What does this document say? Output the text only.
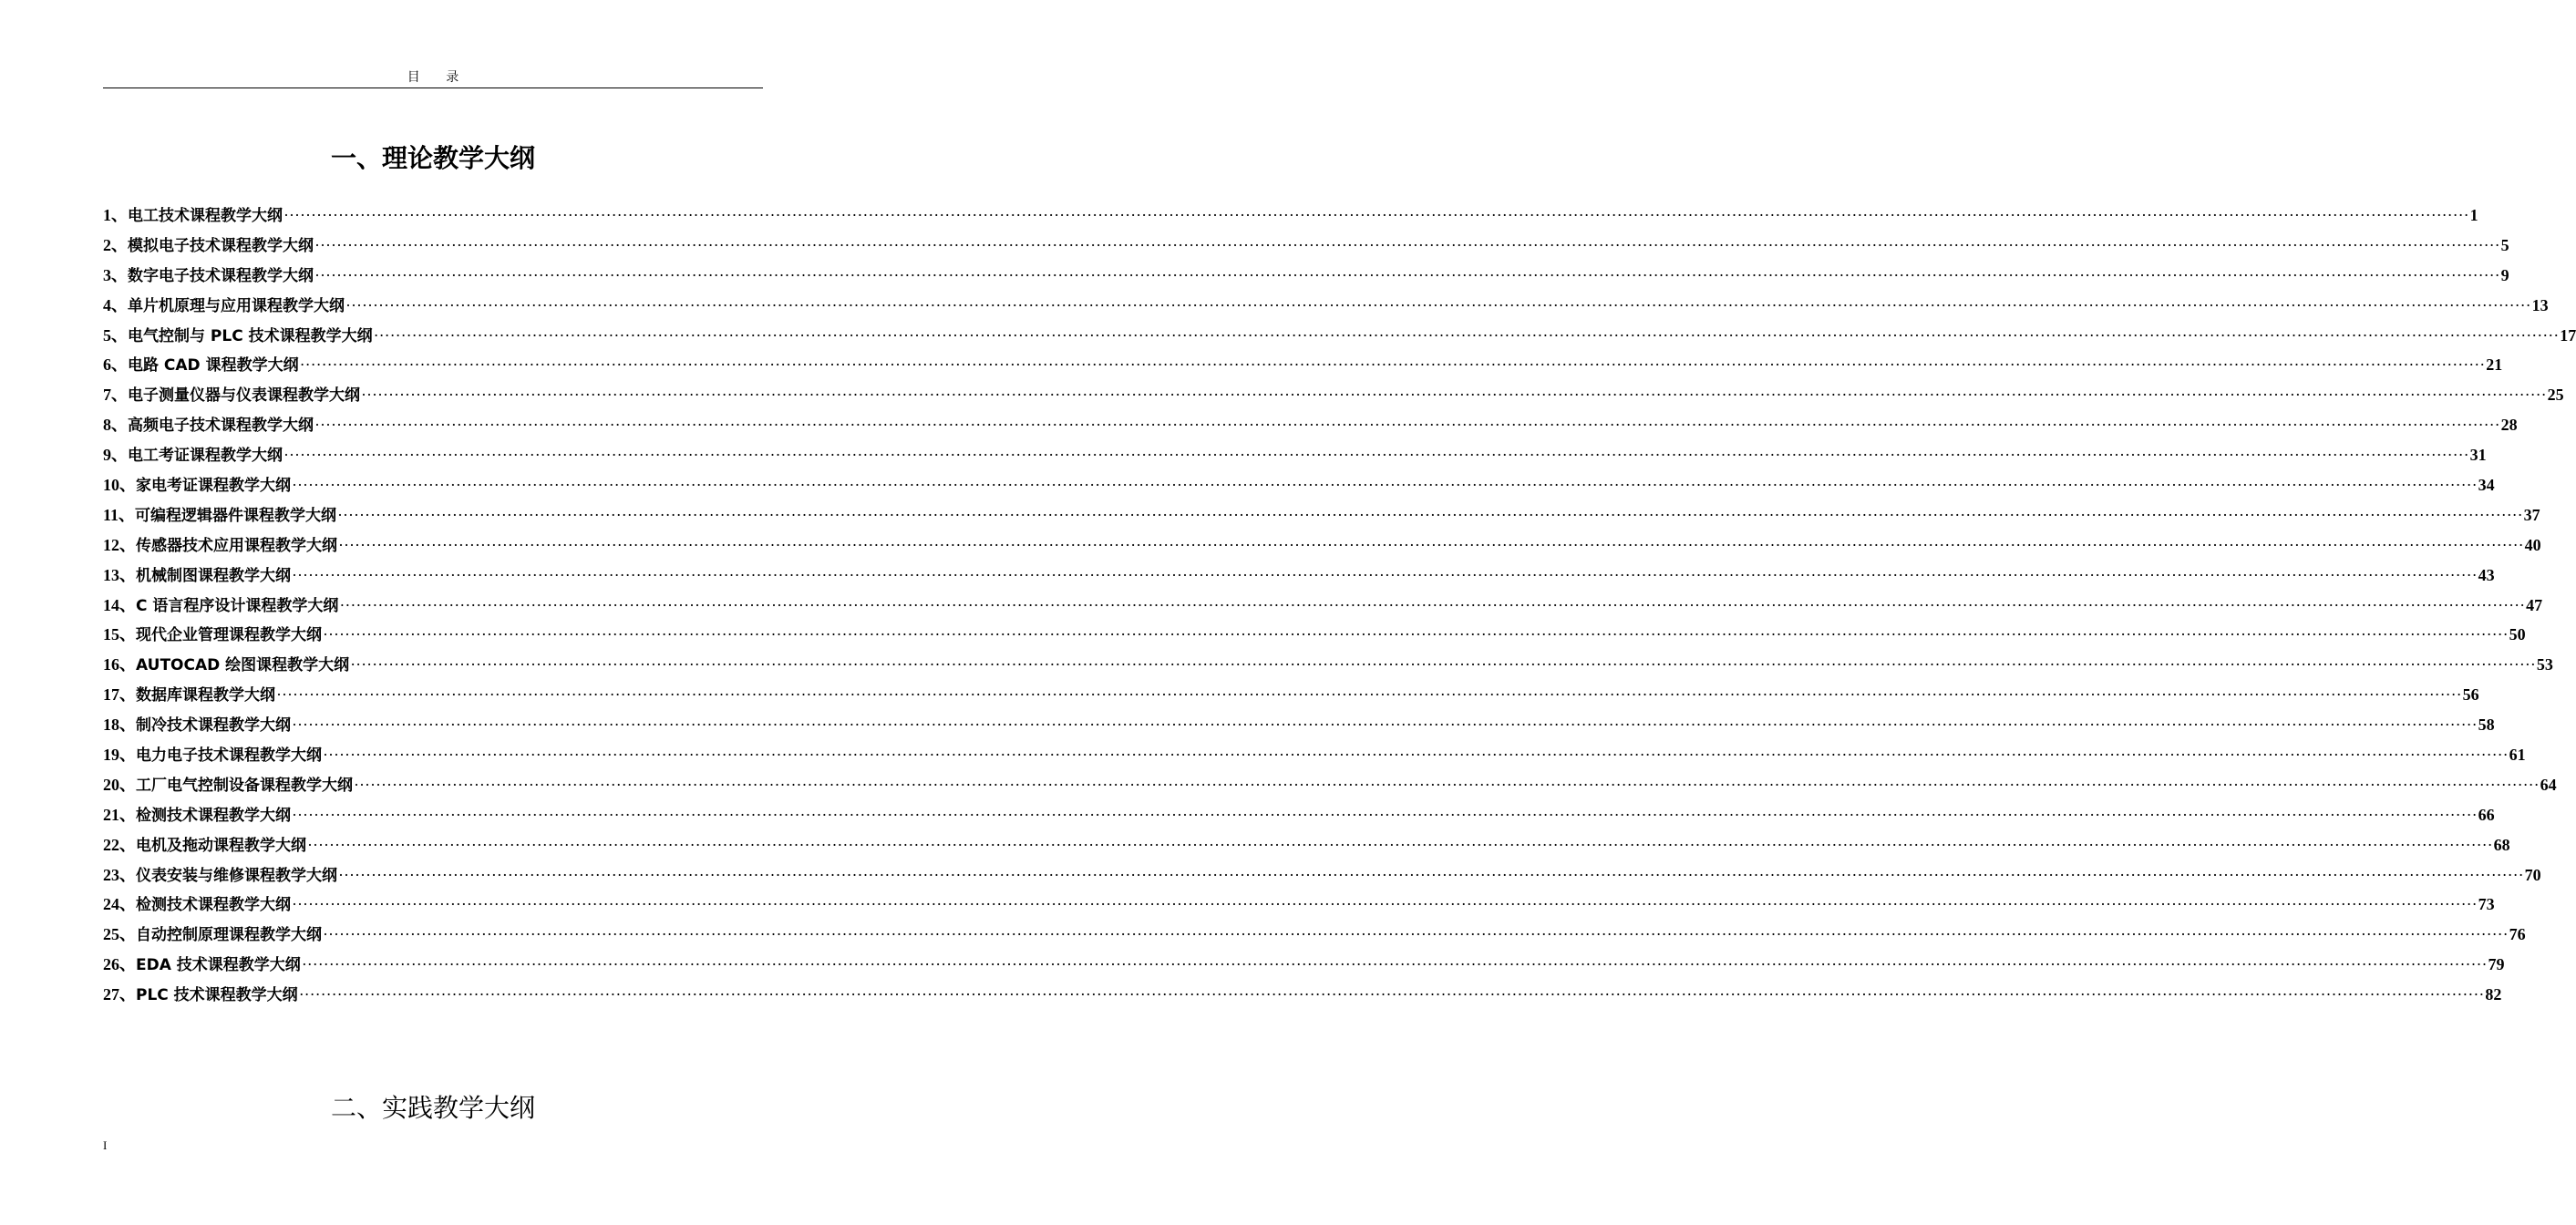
目 录
一、理论教学大纲
1、 电工技术课程教学大纲 ················································································································································································································································································································································································································ 1
2、 模拟电子技术课程教学大纲 ················································································································································································································································································································································································································ 5
3、 数字电子技术课程教学大纲 ················································································································································································································································································································································································································ 9
4、 单片机原理与应用课程教学大纲 ················································································································································································································································································································································································································ 13
5、 电气控制与 PLC 技术课程教学大纲 ················································································································································································································································································································································································································ 17
6、 电路 CAD 课程教学大纲 ················································································································································································································································································································································································································ 21
7、 电子测量仪器与仪表课程教学大纲 ················································································································································································································································································································································································································ 25
8、 高频电子技术课程教学大纲 ················································································································································································································································································································································································································ 28
9、 电工考证课程教学大纲 ················································································································································································································································································································································································································ 31
10、 家电考证课程教学大纲 ················································································································································································································································································································································································································ 34
11、 可编程逻辑器件课程教学大纲 ················································································································································································································································································································································································································ 37
12、 传感器技术应用课程教学大纲 ················································································································································································································································································································································································································ 40
13、 机械制图课程教学大纲 ················································································································································································································································································································································································································ 43
14、 C 语言程序设计课程教学大纲 ················································································································································································································································································································································································································ 47
15、 现代企业管理课程教学大纲 ················································································································································································································································································································································································································ 50
16、 AUTOCAD 绘图课程教学大纲 ················································································································································································································································································································································································································ 53
17、 数据库课程教学大纲 ················································································································································································································································································································································································································ 56
18、 制冷技术课程教学大纲 ················································································································································································································································································································································································································ 58
19、 电力电子技术课程教学大纲 ················································································································································································································································································································································································································ 61
20、 工厂电气控制设备课程教学大纲 ················································································································································································································································································································································································································ 64
21、 检测技术课程教学大纲 ················································································································································································································································································································································································································ 66
22、 电机及拖动课程教学大纲 ················································································································································································································································································································································································································ 68
23、 仪表安装与维修课程教学大纲 ················································································································································································································································································································································································································ 70
24、 检测技术课程教学大纲 ················································································································································································································································································································································································································ 73
25、 自动控制原理课程教学大纲 ················································································································································································································································································································································································································ 76
26、 EDA 技术课程教学大纲 ················································································································································································································································································································································································································ 79
27、 PLC 技术课程教学大纲 ················································································································································································································································································································································································································ 82
二、实践教学大纲
I
